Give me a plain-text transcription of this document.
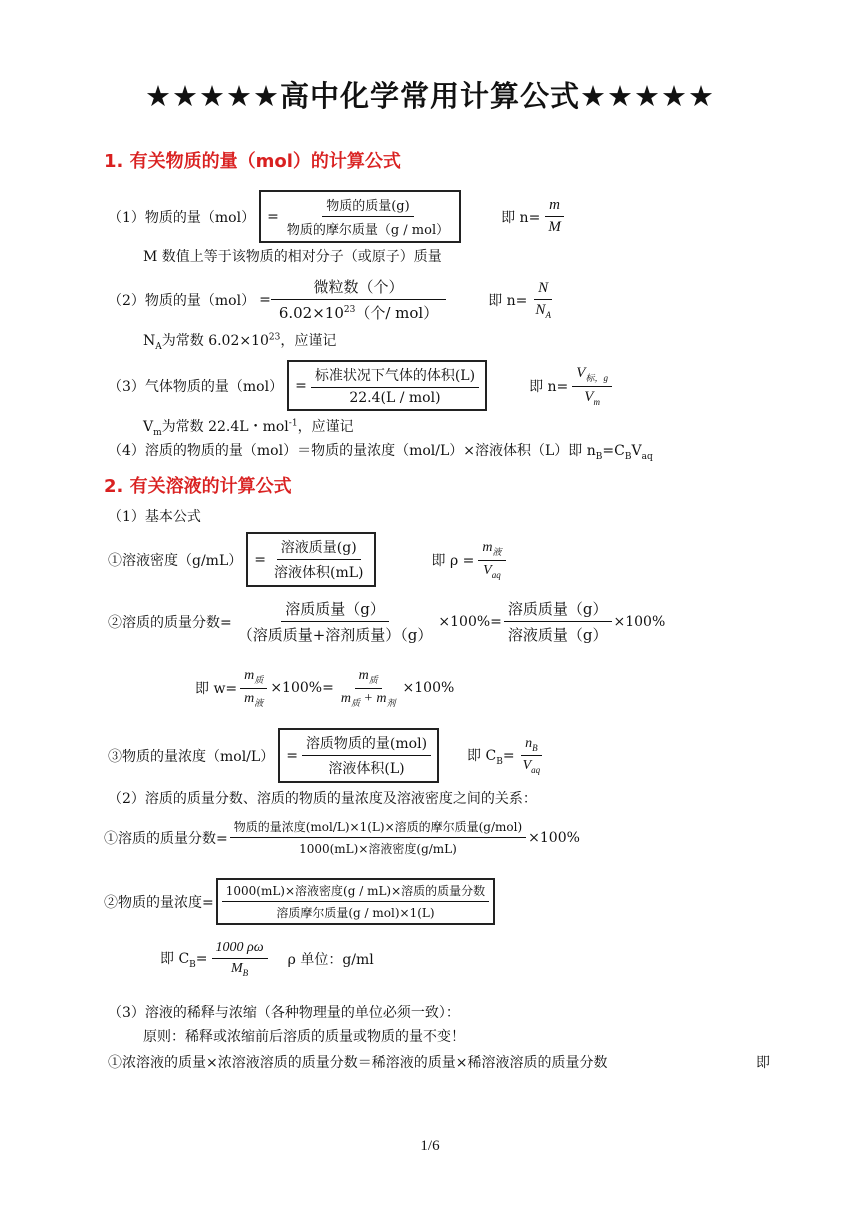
★★★★★高中化学常用计算公式★★★★★
1. 有关物质的量（mol）的计算公式
（1）物质的量$(mol) = \frac{\text{物质的质量(g)}}{\text{物质的摩尔质量（g / mol）}}$	即 $n= \frac{m}{M}$
M 数值上等于该物质的相对分子（或原子）质量
（2）物质的量$(mol) = \frac{\text{微粒数（个）}}{6.02\times 10^{23}(个/ mol)}$	即 $n= \frac{N}{N_A}$
$N_A$为常数 $6.02\times 10^{23}$，应谨记
（3）气体物质的量$(mol) = \frac{\text{标准状况下气体的体积(L)}}{\text{22.4(L / mol)}}$	即 $n= \frac{V_{标,g}}{V_m}$
$V_m$为常数 22.4L・mol$^{-1}$，应谨记
（4）溶质的物质的量（mol）＝物质的量浓度（mol/L）×溶液体积（L）即 $n_B=C_BV_{aq}$
2. 有关溶液的计算公式
（1）基本公式
①溶液密度$(g/mL) = \frac{\text{溶液质量(g)}}{\text{溶液体积(mL)}}$	即 $\rho = \frac{m_液}{V_{aq}}$
②溶质的质量分数= $\frac{\text{溶质质量（g）}}{\text{（溶质质量+溶剂质量）（g）}} \times 100\%= \frac{\text{溶质质量（g）}}{\text{溶液质量（g）}} \times 100\%$
即 $w= \frac{m_质}{m_液} \times 100\%= \frac{m_质}{m_质 + m_剂} \times 100\%$
③物质的量浓度$(mol/L) = \frac{\text{溶质物质的量(mol)}}{\text{溶液体积(L)}}$	即 $C_B= \frac{n_B}{V_{aq}}$
（2）溶质的质量分数、溶质的物质的量浓度及溶液密度之间的关系：
①溶质的质量分数= $\frac{\text{物质的量浓度(mol/L)×1(L)×溶质的摩尔质量(g/mol)}}{\text{1000(mL)×溶液密度(g/mL)}} \times 100\%$
②物质的量浓度= $\frac{\text{1000(mL)×溶液密度(g / mL)×溶质的质量分数}}{\text{溶质摩尔质量(g / mol)×1(L)}}$
即 $C_B= \frac{1000 \rho\omega}{M_B}$ ρ 单位：g/ml
（3）溶液的稀释与浓缩（各种物理量的单位必须一致）：
原则：稀释或浓缩前后溶质的质量或物质的量不变！
①浓溶液的质量×浓溶液溶质的质量分数＝稀溶液的质量×稀溶液溶质的质量分数	即
1/6
